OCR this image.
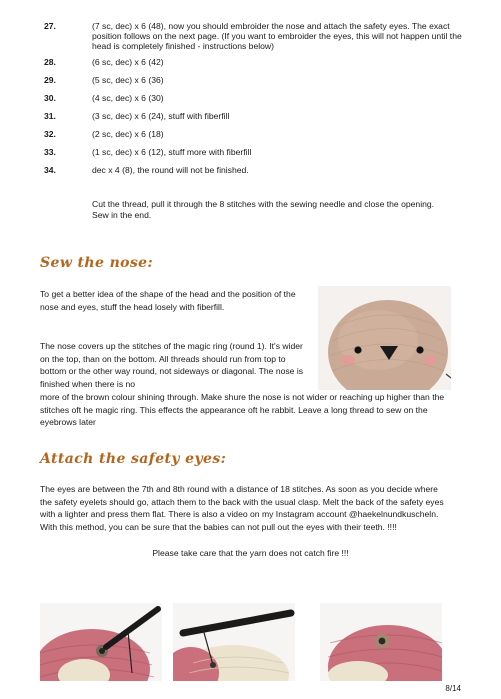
27.	(7 sc, dec) x 6 (48), now you should embroider the nose and attach the safety eyes. The exact position follows on the next page. (If you want to embroider the eyes, this will not happen until the head is completely finished - instructions below)
28.	(6 sc, dec) x 6 (42)
29.	(5 sc, dec) x 6 (36)
30.	(4 sc, dec) x 6 (30)
31.	(3 sc, dec) x 6 (24), stuff with fiberfill
32.	(2 sc, dec) x 6 (18)
33.	(1 sc, dec) x 6 (12), stuff more with fiberfill
34.	dec x 4 (8), the round will not be finished.

Cut the thread, pull it through the 8 stitches with the sewing needle and close the opening. Sew in the end.

Sew the nose:

To get a better idea of the shape of the head and the position of the nose and eyes, stuff the head losely with fiberfill.

The nose covers up the stitches of the magic ring (round 1). It's wider on the top, than on the bottom. All threads should run from top to bottom or the other way round, not sideways or diagonal. The nose is finished when there is no

more of the brown colour shining through. Make shure the nose is not wider or reaching up higher than the stitches oft he magic ring. This effects the appearance oft he rabbit. Leave a long thread to sew on the eyebrows later

Attach the safety eyes:

The eyes are between the 7th and 8th round with a distance of 18 stitches. As soon as you decide where the safety eyelets should go, attach them to the back with the usual clasp. Melt the back of the safety eyes with a lighter and press them flat. There is also a video on my Instagram account @haekelnundkuscheln. With this method, you can be sure that the babies can not pull out the eyes with their teeth. !!!!

Please take care that the yarn does not catch fire !!!

8/14
